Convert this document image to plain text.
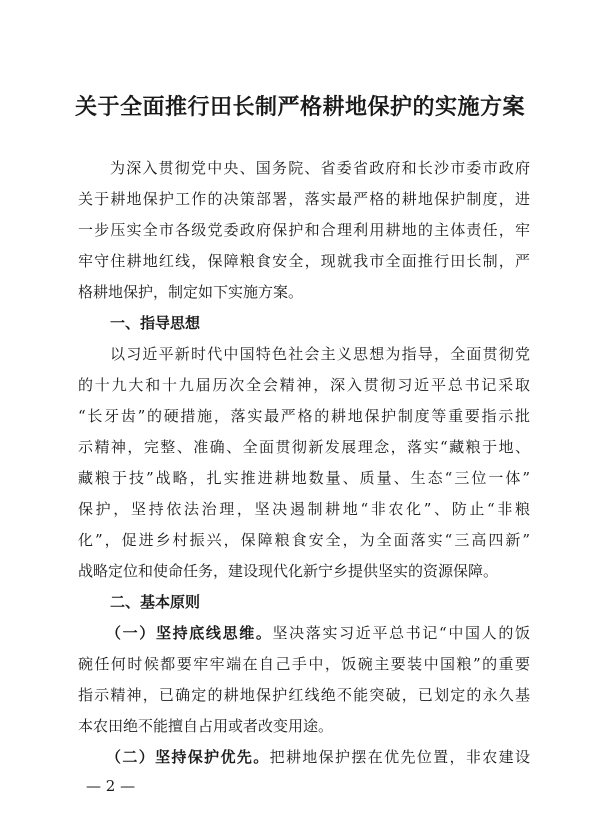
关于全面推行田长制严格耕地保护的实施方案
为深入贯彻党中央、国务院、省委省政府和长沙市委市政府
关于耕地保护工作的决策部署，落实最严格的耕地保护制度，进
一步压实全市各级党委政府保护和合理利用耕地的主体责任，牢
牢守住耕地红线，保障粮食安全，现就我市全面推行田长制，严
格耕地保护，制定如下实施方案。
一、指导思想
以习近平新时代中国特色社会主义思想为指导，全面贯彻党
的十九大和十九届历次全会精神，深入贯彻习近平总书记采取
“长牙齿”的硬措施，落实最严格的耕地保护制度等重要指示批
示精神，完整、准确、全面贯彻新发展理念，落实“藏粮于地、
藏粮于技”战略，扎实推进耕地数量、质量、生态“三位一体”
保护，坚持依法治理，坚决遏制耕地“非农化”、防止“非粮
化”，促进乡村振兴，保障粮食安全，为全面落实“三高四新”
战略定位和使命任务，建设现代化新宁乡提供坚实的资源保障。
二、基本原则
（一）坚持底线思维。坚决落实习近平总书记“中国人的饭
碗任何时候都要牢牢端在自己手中，饭碗主要装中国粮”的重要
指示精神，已确定的耕地保护红线绝不能突破，已划定的永久基
本农田绝不能擅自占用或者改变用途。
（二）坚持保护优先。把耕地保护摆在优先位置，非农建设
— 2 —
